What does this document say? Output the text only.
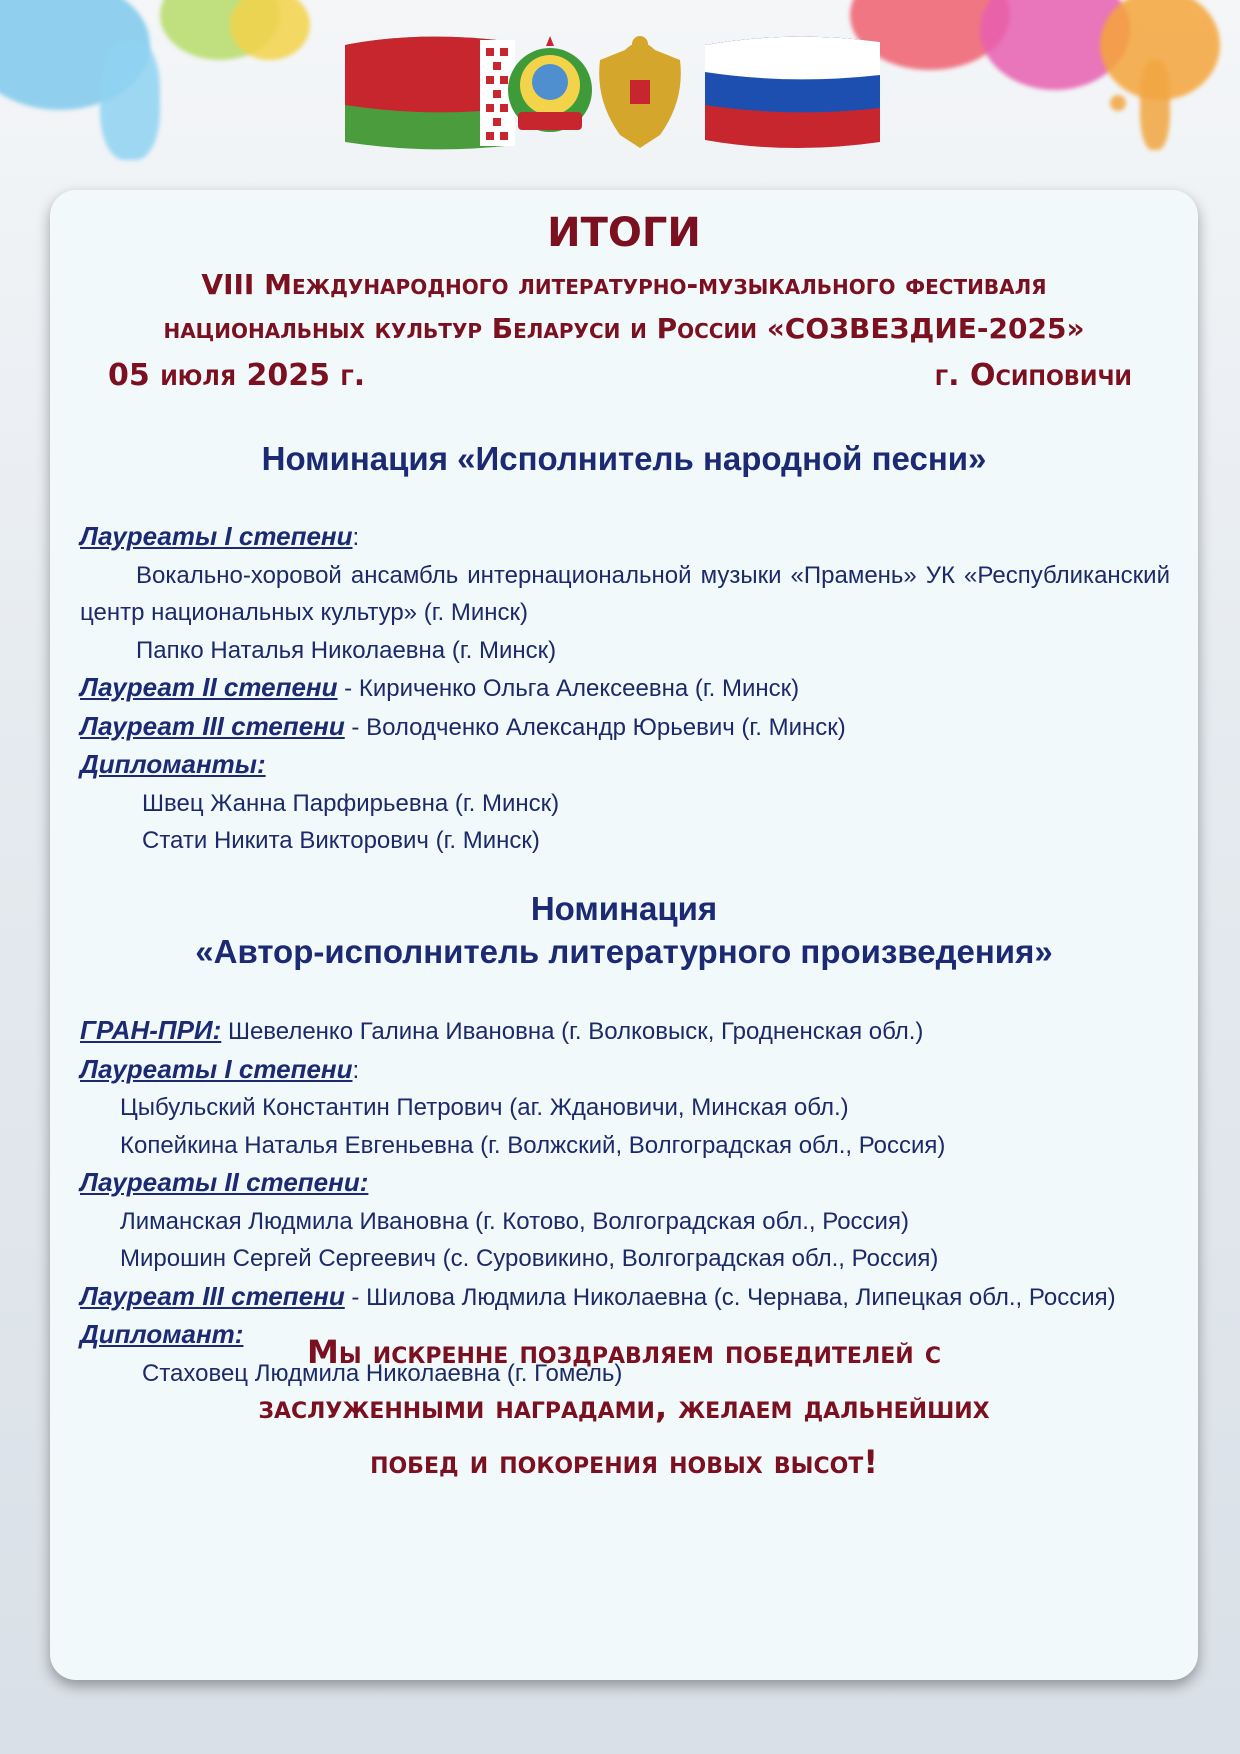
ИТОГИ
VIII Международного литературно-музыкального фестиваля
национальных культур Беларуси и России «СОЗВЕЗДИЕ-2025»
05 июля 2025 г.	г. Осиповичи
Номинация «Исполнитель народной песни»
Лауреаты I степени:
Вокально-хоровой ансамбль интернациональной музыки «Прамень» УК «Республиканский центр национальных культур» (г. Минск)
Папко Наталья Николаевна (г. Минск)
Лауреат II степени - Кириченко Ольга Алексеевна (г. Минск)
Лауреат III степени - Володченко Александр Юрьевич (г. Минск)
Дипломанты:
Швец Жанна Парфирьевна (г. Минск)
Стати Никита Викторович (г. Минск)
Номинация
«Автор-исполнитель литературного произведения»
ГРАН-ПРИ: Шевеленко Галина Ивановна (г. Волковыск, Гродненская обл.)
Лауреаты I степени:
Цыбульский Константин Петрович (аг. Ждановичи, Минская обл.)
Копейкина Наталья Евгеньевна (г. Волжский, Волгоградская обл., Россия)
Лауреаты II степени:
Лиманская Людмила Ивановна (г. Котово, Волгоградская обл., Россия)
Мирошин Сергей Сергеевич (с. Суровикино, Волгоградская обл., Россия)
Лауреат III степени - Шилова Людмила Николаевна (с. Чернава, Липецкая обл., Россия)
Дипломант:
Стаховец Людмила Николаевна (г. Гомель)
Мы искренне поздравляем победителей с
заслуженными наградами, желаем дальнейших
побед и покорения новых высот!
